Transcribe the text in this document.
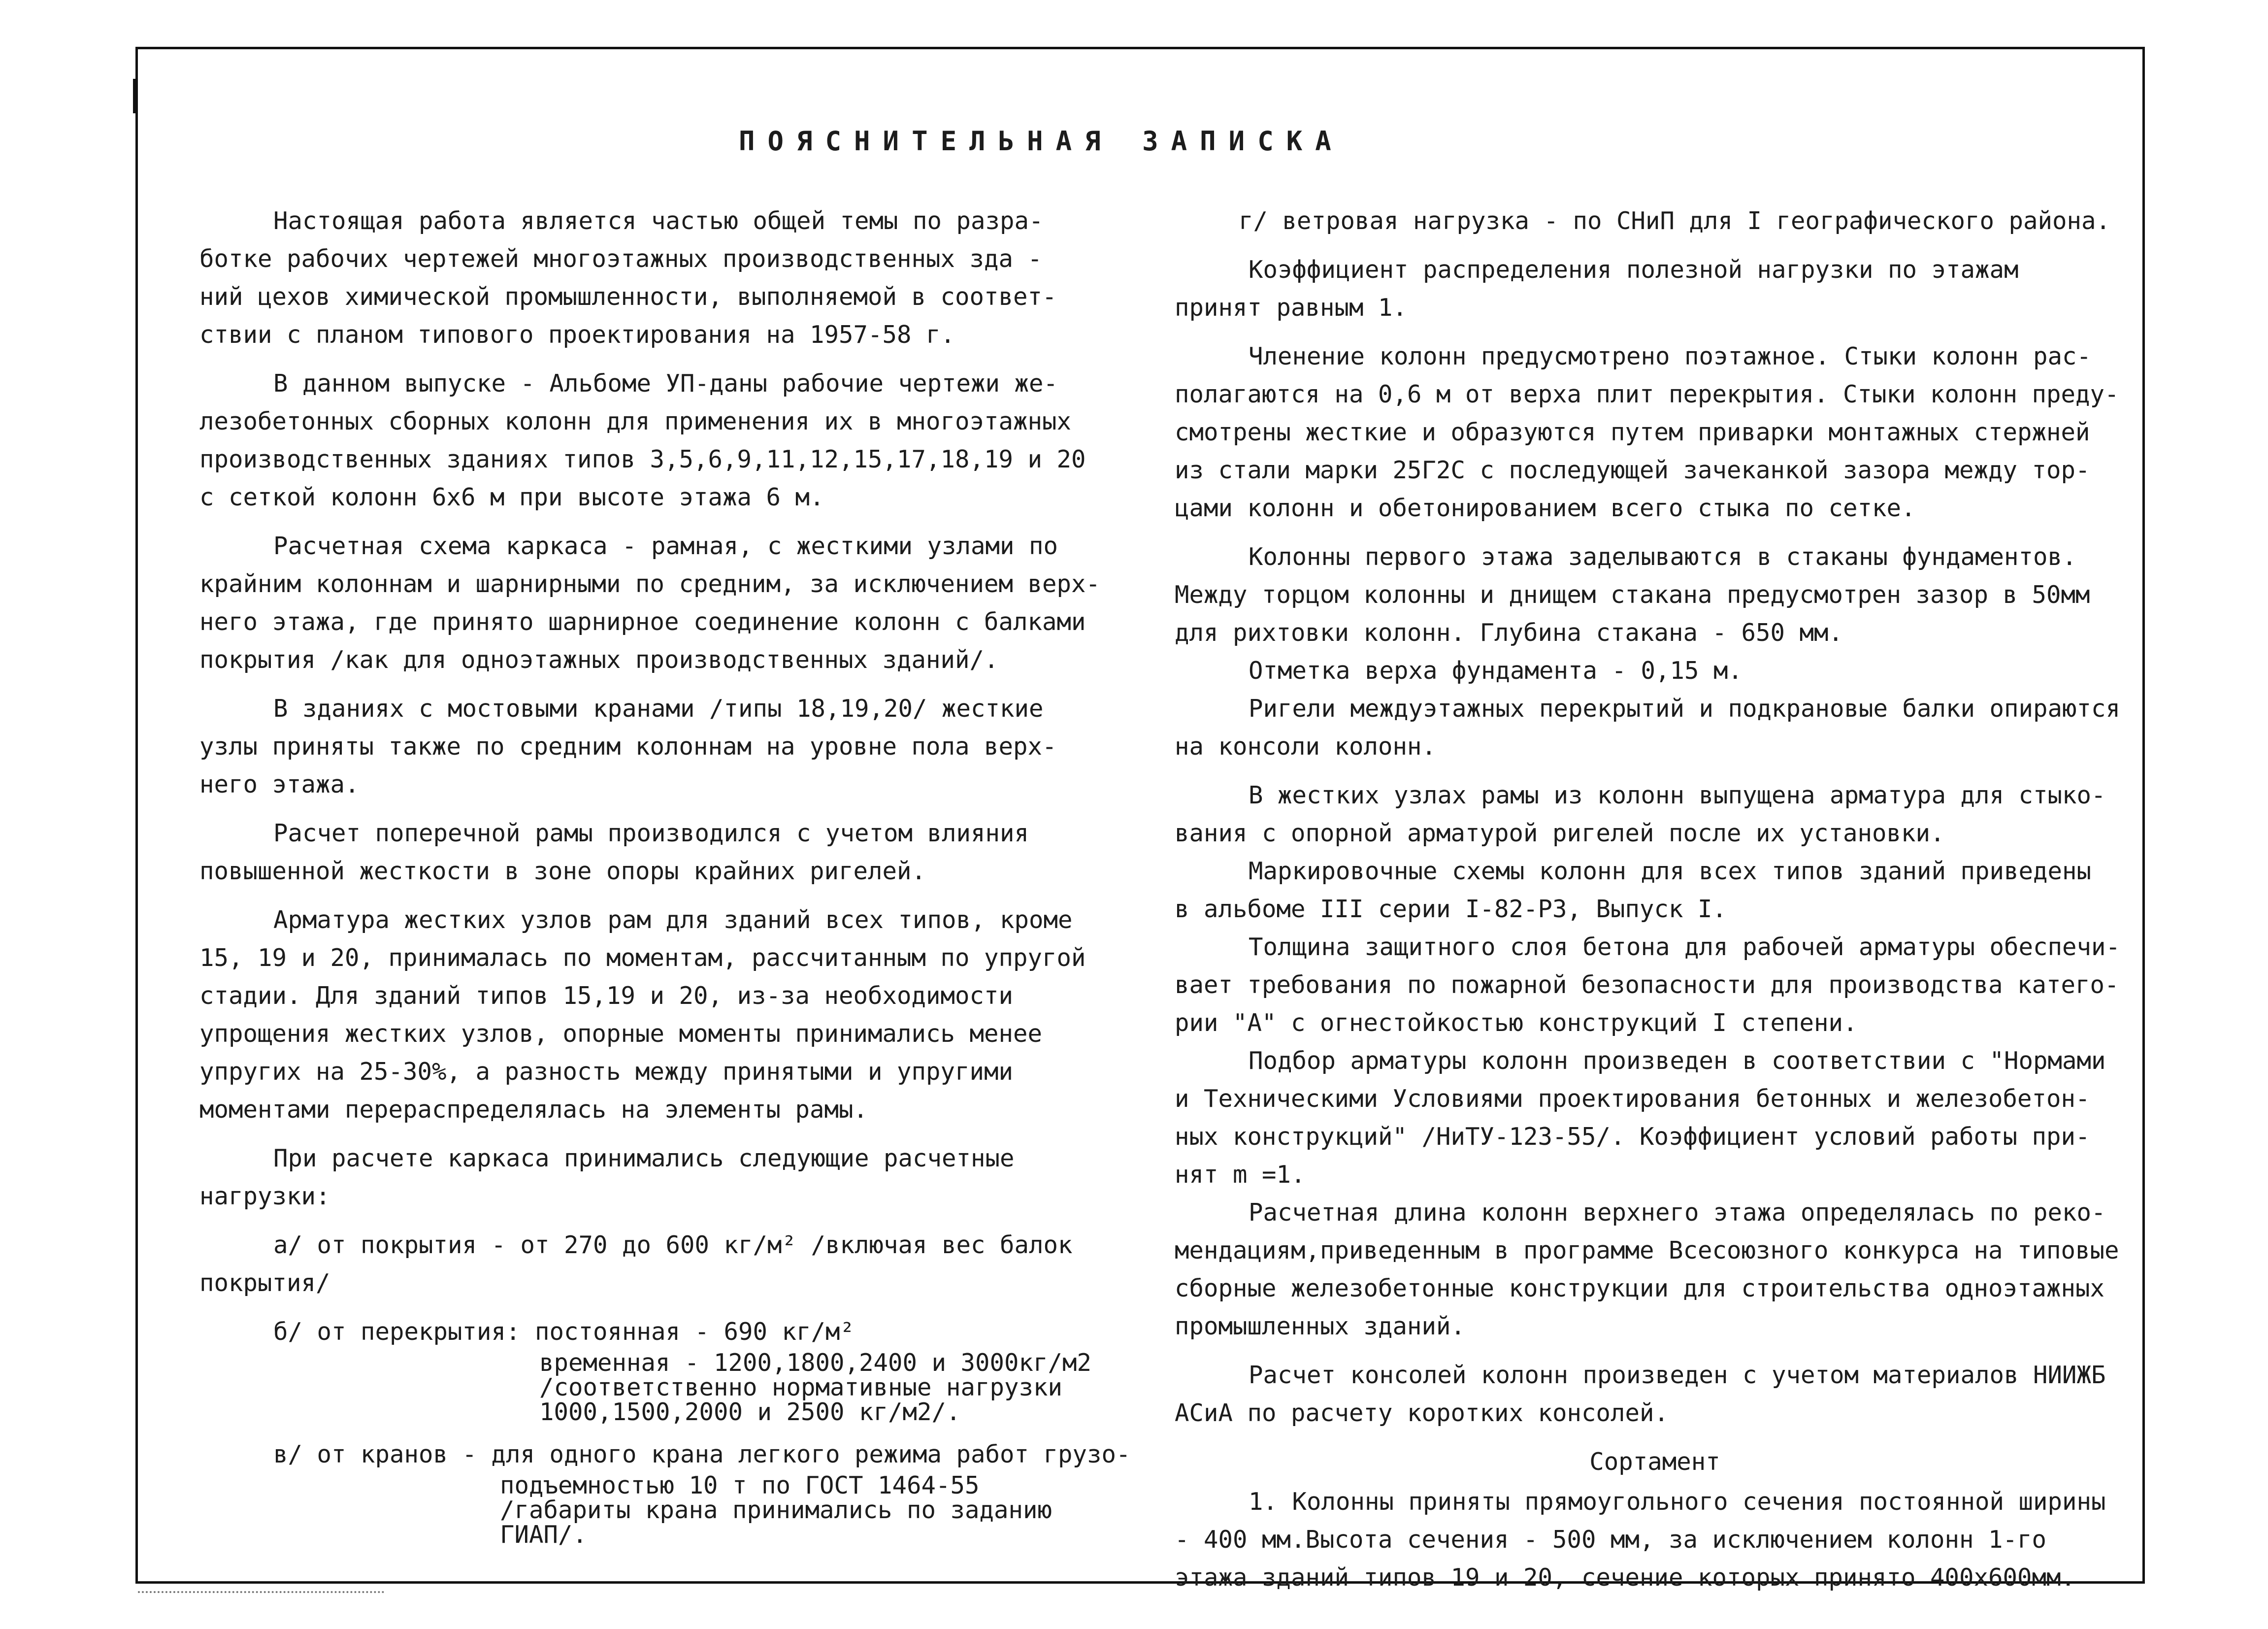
ПОЯСНИТЕЛЬНАЯ ЗАПИСКА
Настоящая работа является частью общей темы по разра-
ботке рабочих чертежей многоэтажных производственных зда -
ний цехов химической промышленности, выполняемой в соответ-
ствии с планом типового проектирования на 1957-58 г.
В данном выпуске - Альбоме УП-даны рабочие чертежи же-
лезобетонных сборных колонн для применения их в многоэтажных
производственных зданиях типов 3,5,6,9,11,12,15,17,18,19 и 20
с сеткой колонн 6х6 м при высоте этажа 6 м.
Расчетная схема каркаса - рамная, с жесткими узлами по
крайним колоннам и шарнирными по средним, за исключением верх-
него этажа, где принято шарнирное соединение колонн с балками
покрытия /как для одноэтажных производственных зданий/.
В зданиях с мостовыми кранами /типы 18,19,20/ жесткие
узлы приняты также по средним колоннам на уровне пола верх-
него этажа.
Расчет поперечной рамы производился с учетом влияния
повышенной жесткости в зоне опоры крайних ригелей.
Арматура жестких узлов рам для зданий всех типов, кроме
15, 19 и 20, принималась по моментам, рассчитанным по упругой
стадии. Для зданий типов 15,19 и 20, из-за необходимости
упрощения жестких узлов, опорные моменты принимались менее
упругих на 25-30%, а разность между принятыми и упругими
моментами перераспределялась на элементы рамы.
При расчете каркаса принимались следующие расчетные
нагрузки:
а/ от покрытия - от 270 до 600 кг/м² /включая вес балок
покрытия/
б/ от перекрытия: постоянная - 690 кг/м²
временная - 1200,1800,2400 и 3000кг/м2
/соответственно нормативные нагрузки
1000,1500,2000 и 2500 кг/м2/.
в/ от кранов - для одного крана легкого режима работ грузо-
подъемностью 10 т по ГОСТ 1464-55
/габариты крана принимались по заданию
ГИАП/.
г/ ветровая нагрузка - по СНиП для I географического района.
Коэффициент распределения полезной нагрузки по этажам
принят равным 1.
Членение колонн предусмотрено поэтажное. Стыки колонн рас-
полагаются на 0,6 м от верха плит перекрытия. Стыки колонн преду-
смотрены жесткие и образуются путем приварки монтажных стержней
из стали марки 25Г2С с последующей зачеканкой зазора между тор-
цами колонн и обетонированием всего стыка по сетке.
Колонны первого этажа заделываются в стаканы фундаментов.
Между торцом колонны и днищем стакана предусмотрен зазор в 50мм
для рихтовки колонн. Глубина стакана - 650 мм.
Отметка верха фундамента - 0,15 м.
Ригели междуэтажных перекрытий и подкрановые балки опираются
на консоли колонн.
В жестких узлах рамы из колонн выпущена арматура для стыко-
вания с опорной арматурой ригелей после их установки.
Маркировочные схемы колонн для всех типов зданий приведены
в альбоме III серии I-82-Р3, Выпуск I.
Толщина защитного слоя бетона для рабочей арматуры обеспечи-
вает требования по пожарной безопасности для производства катего-
рии "А" с огнестойкостью конструкций I степени.
Подбор арматуры колонн произведен в соответствии с "Нормами
и Техническими Условиями проектирования бетонных и железобетон-
ных конструкций" /НиТУ-123-55/. Коэффициент условий работы при-
нят m =1.
Расчетная длина колонн верхнего этажа определялась по реко-
мендациям,приведенным в программе Всесоюзного конкурса на типовые
сборные железобетонные конструкции для строительства одноэтажных
промышленных зданий.
Расчет консолей колонн произведен с учетом материалов НИИЖБ
АСиА по расчету коротких консолей.
Сортамент
1. Колонны приняты прямоугольного сечения постоянной ширины
- 400 мм.Высота сечения - 500 мм, за исключением колонн 1-го
этажа зданий типов 19 и 20, сечение которых принято 400х600мм.
